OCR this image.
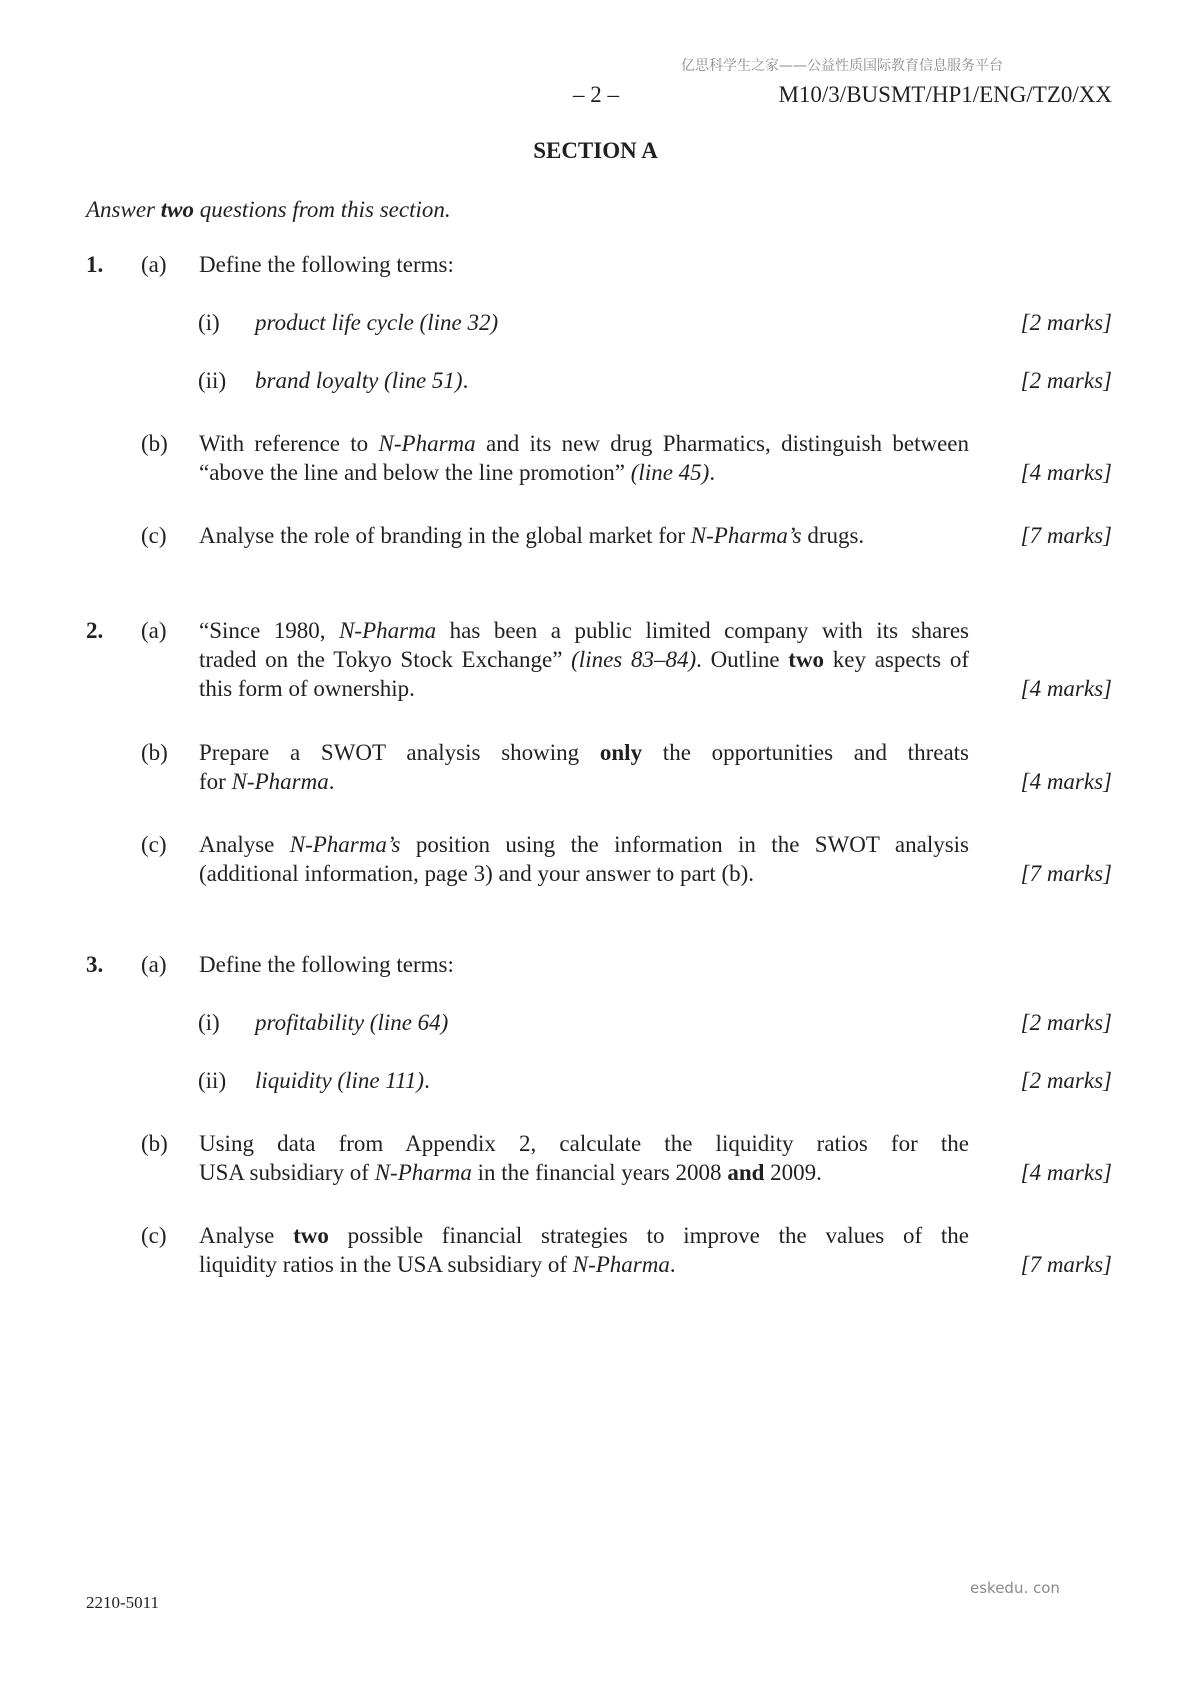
亿思科学生之家——公益性质国际教育信息服务平台
– 2 –	M10/3/BUSMT/HP1/ENG/TZ0/XX
SECTION A
Answer two questions from this section.
1. (a) Define the following terms:
(i) product life cycle (line 32)	[2 marks]
(ii) brand loyalty (line 51).	[2 marks]
(b) With reference to N-Pharma and its new drug Pharmatics, distinguish between
“above the line and below the line promotion” (line 45).	[4 marks]
(c) Analyse the role of branding in the global market for N-Pharma’s drugs.	[7 marks]
2. (a) “Since 1980, N-Pharma has been a public limited company with its shares
traded on the Tokyo Stock Exchange” (lines 83–84). Outline two key aspects of
this form of ownership.	[4 marks]
(b) Prepare a SWOT analysis showing only the opportunities and threats
for N-Pharma.	[4 marks]
(c) Analyse N-Pharma’s position using the information in the SWOT analysis
(additional information, page 3) and your answer to part (b).	[7 marks]
3. (a) Define the following terms:
(i) profitability (line 64)	[2 marks]
(ii) liquidity (line 111).	[2 marks]
(b) Using data from Appendix 2, calculate the liquidity ratios for the
USA subsidiary of N-Pharma in the financial years 2008 and 2009.	[4 marks]
(c) Analyse two possible financial strategies to improve the values of the
liquidity ratios in the USA subsidiary of N-Pharma.	[7 marks]
2210-5011
eskedu. con
